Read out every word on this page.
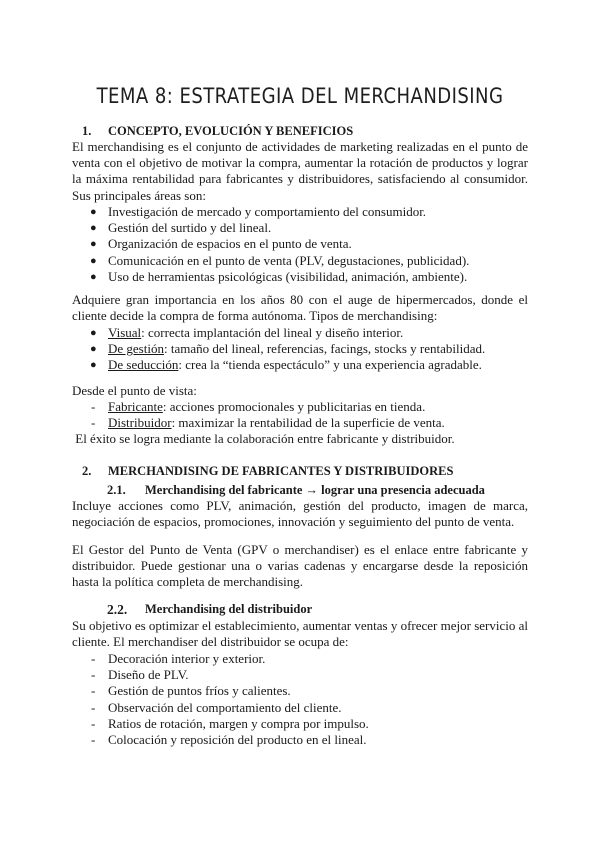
TEMA 8: ESTRATEGIA DEL MERCHANDISING
1. CONCEPTO, EVOLUCIÓN Y BENEFICIOS

El merchandising es el conjunto de actividades de marketing realizadas en el punto de venta con el objetivo de motivar la compra, aumentar la rotación de productos y lograr la máxima rentabilidad para fabricantes y distribuidores, satisfaciendo al consumidor. Sus principales áreas son:

● Investigación de mercado y comportamiento del consumidor.
● Gestión del surtido y del lineal.
● Organización de espacios en el punto de venta.
● Comunicación en el punto de venta (PLV, degustaciones, publicidad).
● Uso de herramientas psicológicas (visibilidad, animación, ambiente).

Adquiere gran importancia en los años 80 con el auge de hipermercados, donde el cliente decide la compra de forma autónoma. Tipos de merchandising:

● Visual: correcta implantación del lineal y diseño interior.
● De gestión: tamaño del lineal, referencias, facings, stocks y rentabilidad.
● De seducción: crea la “tienda espectáculo” y una experiencia agradable.

Desde el punto de vista:

- Fabricante: acciones promocionales y publicitarias en tienda.
- Distribuidor: maximizar la rentabilidad de la superficie de venta.

El éxito se logra mediante la colaboración entre fabricante y distribuidor.

2. MERCHANDISING DE FABRICANTES Y DISTRIBUIDORES
2.1. Merchandising del fabricante → lograr una presencia adecuada

Incluye acciones como PLV, animación, gestión del producto, imagen de marca, negociación de espacios, promociones, innovación y seguimiento del punto de venta.

El Gestor del Punto de Venta (GPV o merchandiser) es el enlace entre fabricante y distribuidor. Puede gestionar una o varias cadenas y encargarse desde la reposición hasta la política completa de merchandising.

2.2. Merchandising del distribuidor

Su objetivo es optimizar el establecimiento, aumentar ventas y ofrecer mejor servicio al cliente. El merchandiser del distribuidor se ocupa de:

- Decoración interior y exterior.
- Diseño de PLV.
- Gestión de puntos fríos y calientes.
- Observación del comportamiento del cliente.
- Ratios de rotación, margen y compra por impulso.
- Colocación y reposición del producto en el lineal.
